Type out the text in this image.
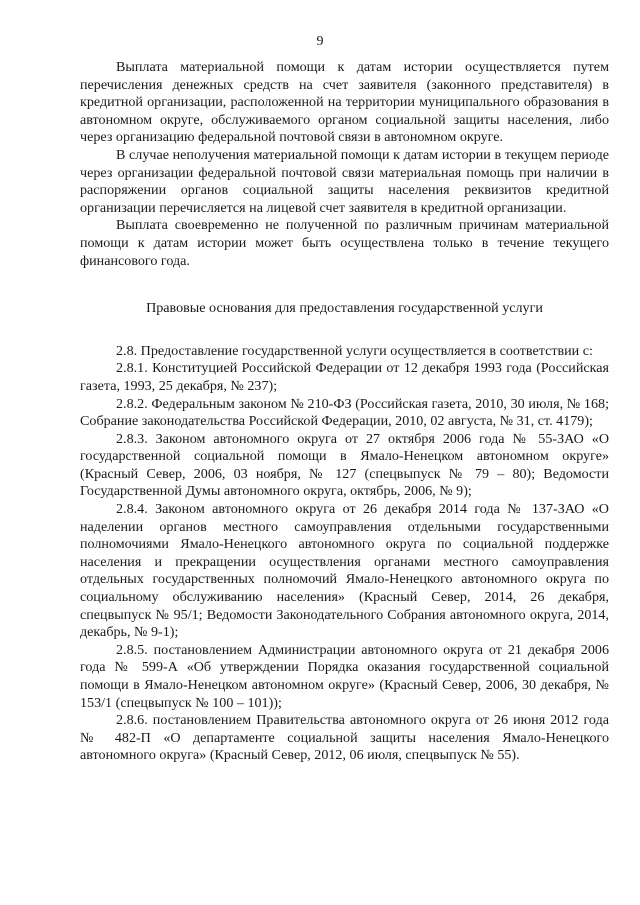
9

Выплата материальной помощи к датам истории осуществляется путем перечисления денежных средств на счет заявителя (законного представителя) в кредитной организации, расположенной на территории муниципального образования в автономном округе, обслуживаемого органом социальной защиты населения, либо через организацию федеральной почтовой связи в автономном округе.

В случае неполучения материальной помощи к датам истории в текущем периоде через организации федеральной почтовой связи материальная помощь при наличии в распоряжении органов социальной защиты населения реквизитов кредитной организации перечисляется на лицевой счет заявителя в кредитной организации.

Выплата своевременно не полученной по различным причинам материальной помощи к датам истории может быть осуществлена только в течение текущего финансового года.

Правовые основания для предоставления государственной услуги

2.8. Предоставление государственной услуги осуществляется в соответствии с:

2.8.1. Конституцией Российской Федерации от 12 декабря 1993 года (Российская газета, 1993, 25 декабря, № 237);

2.8.2. Федеральным законом № 210-ФЗ (Российская газета, 2010, 30 июля, № 168; Собрание законодательства Российской Федерации, 2010, 02 августа, № 31, ст. 4179);

2.8.3. Законом автономного округа от 27 октября 2006 года № 55-ЗАО «О государственной социальной помощи в Ямало-Ненецком автономном округе» (Красный Север, 2006, 03 ноября, № 127 (спецвыпуск № 79 – 80); Ведомости Государственной Думы автономного округа, октябрь, 2006, № 9);

2.8.4. Законом автономного округа от 26 декабря 2014 года № 137-ЗАО «О наделении органов местного самоуправления отдельными государственными полномочиями Ямало-Ненецкого автономного округа по социальной поддержке населения и прекращении осуществления органами местного самоуправления отдельных государственных полномочий Ямало-Ненецкого автономного округа по социальному обслуживанию населения» (Красный Север, 2014, 26 декабря, спецвыпуск № 95/1; Ведомости Законодательного Собрания автономного округа, 2014, декабрь, № 9-1);

2.8.5. постановлением Администрации автономного округа от 21 декабря 2006 года № 599-А «Об утверждении Порядка оказания государственной социальной помощи в Ямало-Ненецком автономном округе» (Красный Север, 2006, 30 декабря, № 153/1 (спецвыпуск № 100 – 101));

2.8.6. постановлением Правительства автономного округа от 26 июня 2012 года № 482-П «О департаменте социальной защиты населения Ямало-Ненецкого автономного округа» (Красный Север, 2012, 06 июля, спецвыпуск № 55).
